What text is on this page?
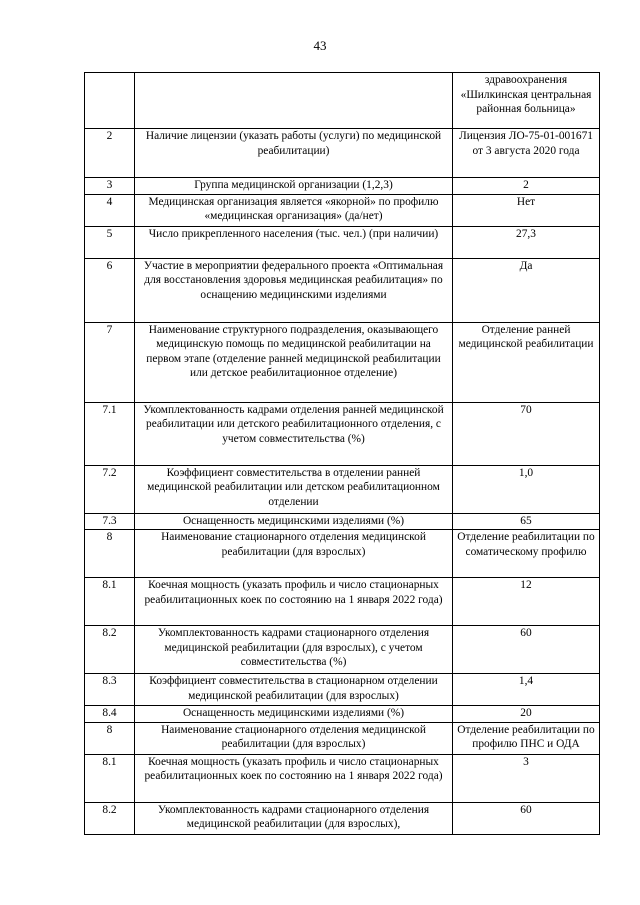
43
		здравоохранения «Шилкинская центральная районная больница»
2	Наличие лицензии (указать работы (услуги) по медицинской реабилитации)	Лицензия ЛО-75-01-001671 от 3 августа 2020 года
3	Группа медицинской организации (1,2,3)	2
4	Медицинская организация является «якорной» по профилю «медицинская организация» (да/нет)	Нет
5	Число прикрепленного населения (тыс. чел.) (при наличии)	27,3
6	Участие в мероприятии федерального проекта «Оптимальная для восстановления здоровья медицинская реабилитация» по оснащению медицинскими изделиями	Да
7	Наименование структурного подразделения, оказывающего медицинскую помощь по медицинской реабилитации на первом этапе (отделение ранней медицинской реабилитации или детское реабилитационное отделение)	Отделение ранней медицинской реабилитации
7.1	Укомплектованность кадрами отделения ранней медицинской реабилитации или детского реабилитационного отделения, с учетом совместительства (%)	70
7.2	Коэффициент совместительства в отделении ранней медицинской реабилитации или детском реабилитационном отделении	1,0
7.3	Оснащенность медицинскими изделиями (%)	65
8	Наименование стационарного отделения медицинской реабилитации (для взрослых)	Отделение реабилитации по соматическому профилю
8.1	Коечная мощность (указать профиль и число стационарных реабилитационных коек по состоянию на 1 января 2022 года)	12
8.2	Укомплектованность кадрами стационарного отделения медицинской реабилитации (для взрослых), с учетом совместительства (%)	60
8.3	Коэффициент совместительства в стационарном отделении медицинской реабилитации (для взрослых)	1,4
8.4	Оснащенность медицинскими изделиями (%)	20
8	Наименование стационарного отделения медицинской реабилитации (для взрослых)	Отделение реабилитации по профилю ПНС и ОДА
8.1	Коечная мощность (указать профиль и число стационарных реабилитационных коек по состоянию на 1 января 2022 года)	3
8.2	Укомплектованность кадрами стационарного отделения медицинской реабилитации (для взрослых),	60
